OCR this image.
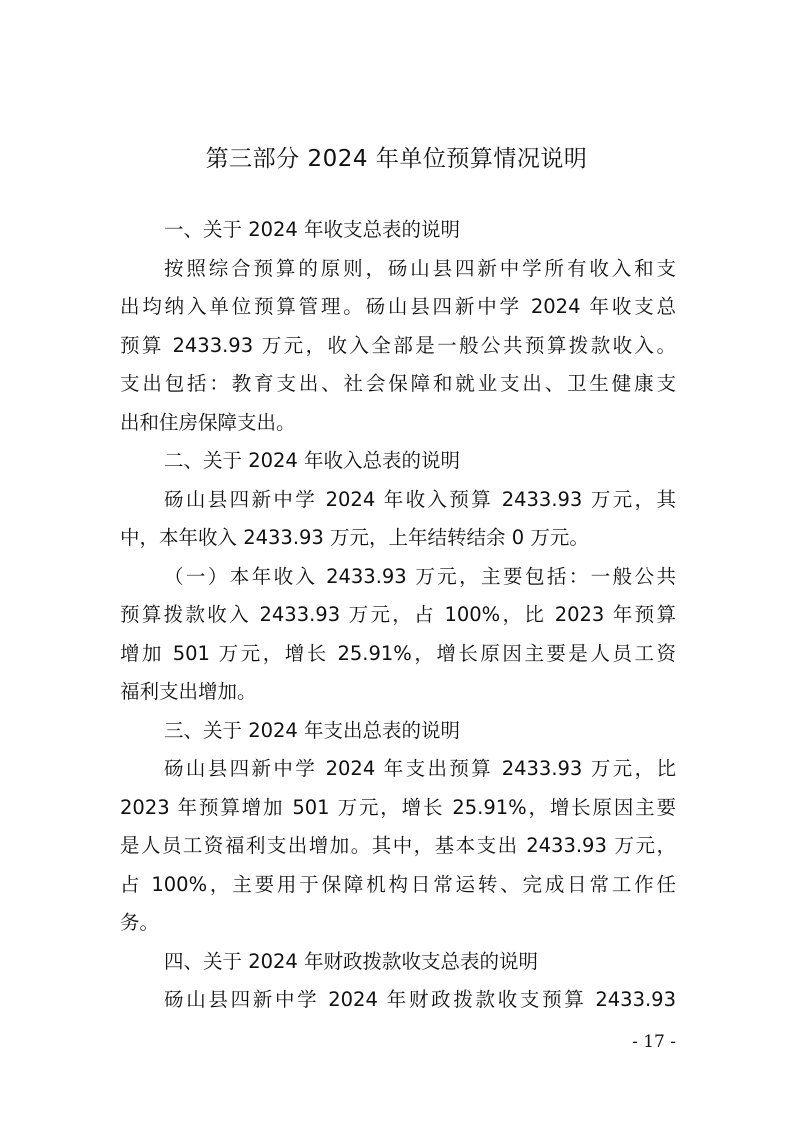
第三部分 2024 年单位预算情况说明
一、关于 2024 年收支总表的说明
按照综合预算的原则，砀山县四新中学所有收入和支
出均纳入单位预算管理。砀山县四新中学 2024 年收支总
预算 2433.93 万元，收入全部是一般公共预算拨款收入。
支出包括：教育支出、社会保障和就业支出、卫生健康支
出和住房保障支出。
二、关于 2024 年收入总表的说明
砀山县四新中学 2024 年收入预算 2433.93 万元，其
中，本年收入 2433.93 万元，上年结转结余 0 万元。
（一）本年收入 2433.93 万元，主要包括：一般公共
预算拨款收入 2433.93 万元，占 100%，比 2023 年预算
增加 501 万元，增长 25.91%，增长原因主要是人员工资
福利支出增加。
三、关于 2024 年支出总表的说明
砀山县四新中学 2024 年支出预算 2433.93 万元，比
2023 年预算增加 501 万元，增长 25.91%，增长原因主要
是人员工资福利支出增加。其中，基本支出 2433.93 万元，
占 100%，主要用于保障机构日常运转、完成日常工作任
务。
四、关于 2024 年财政拨款收支总表的说明
砀山县四新中学 2024 年财政拨款收支预算 2433.93
- 17 -
